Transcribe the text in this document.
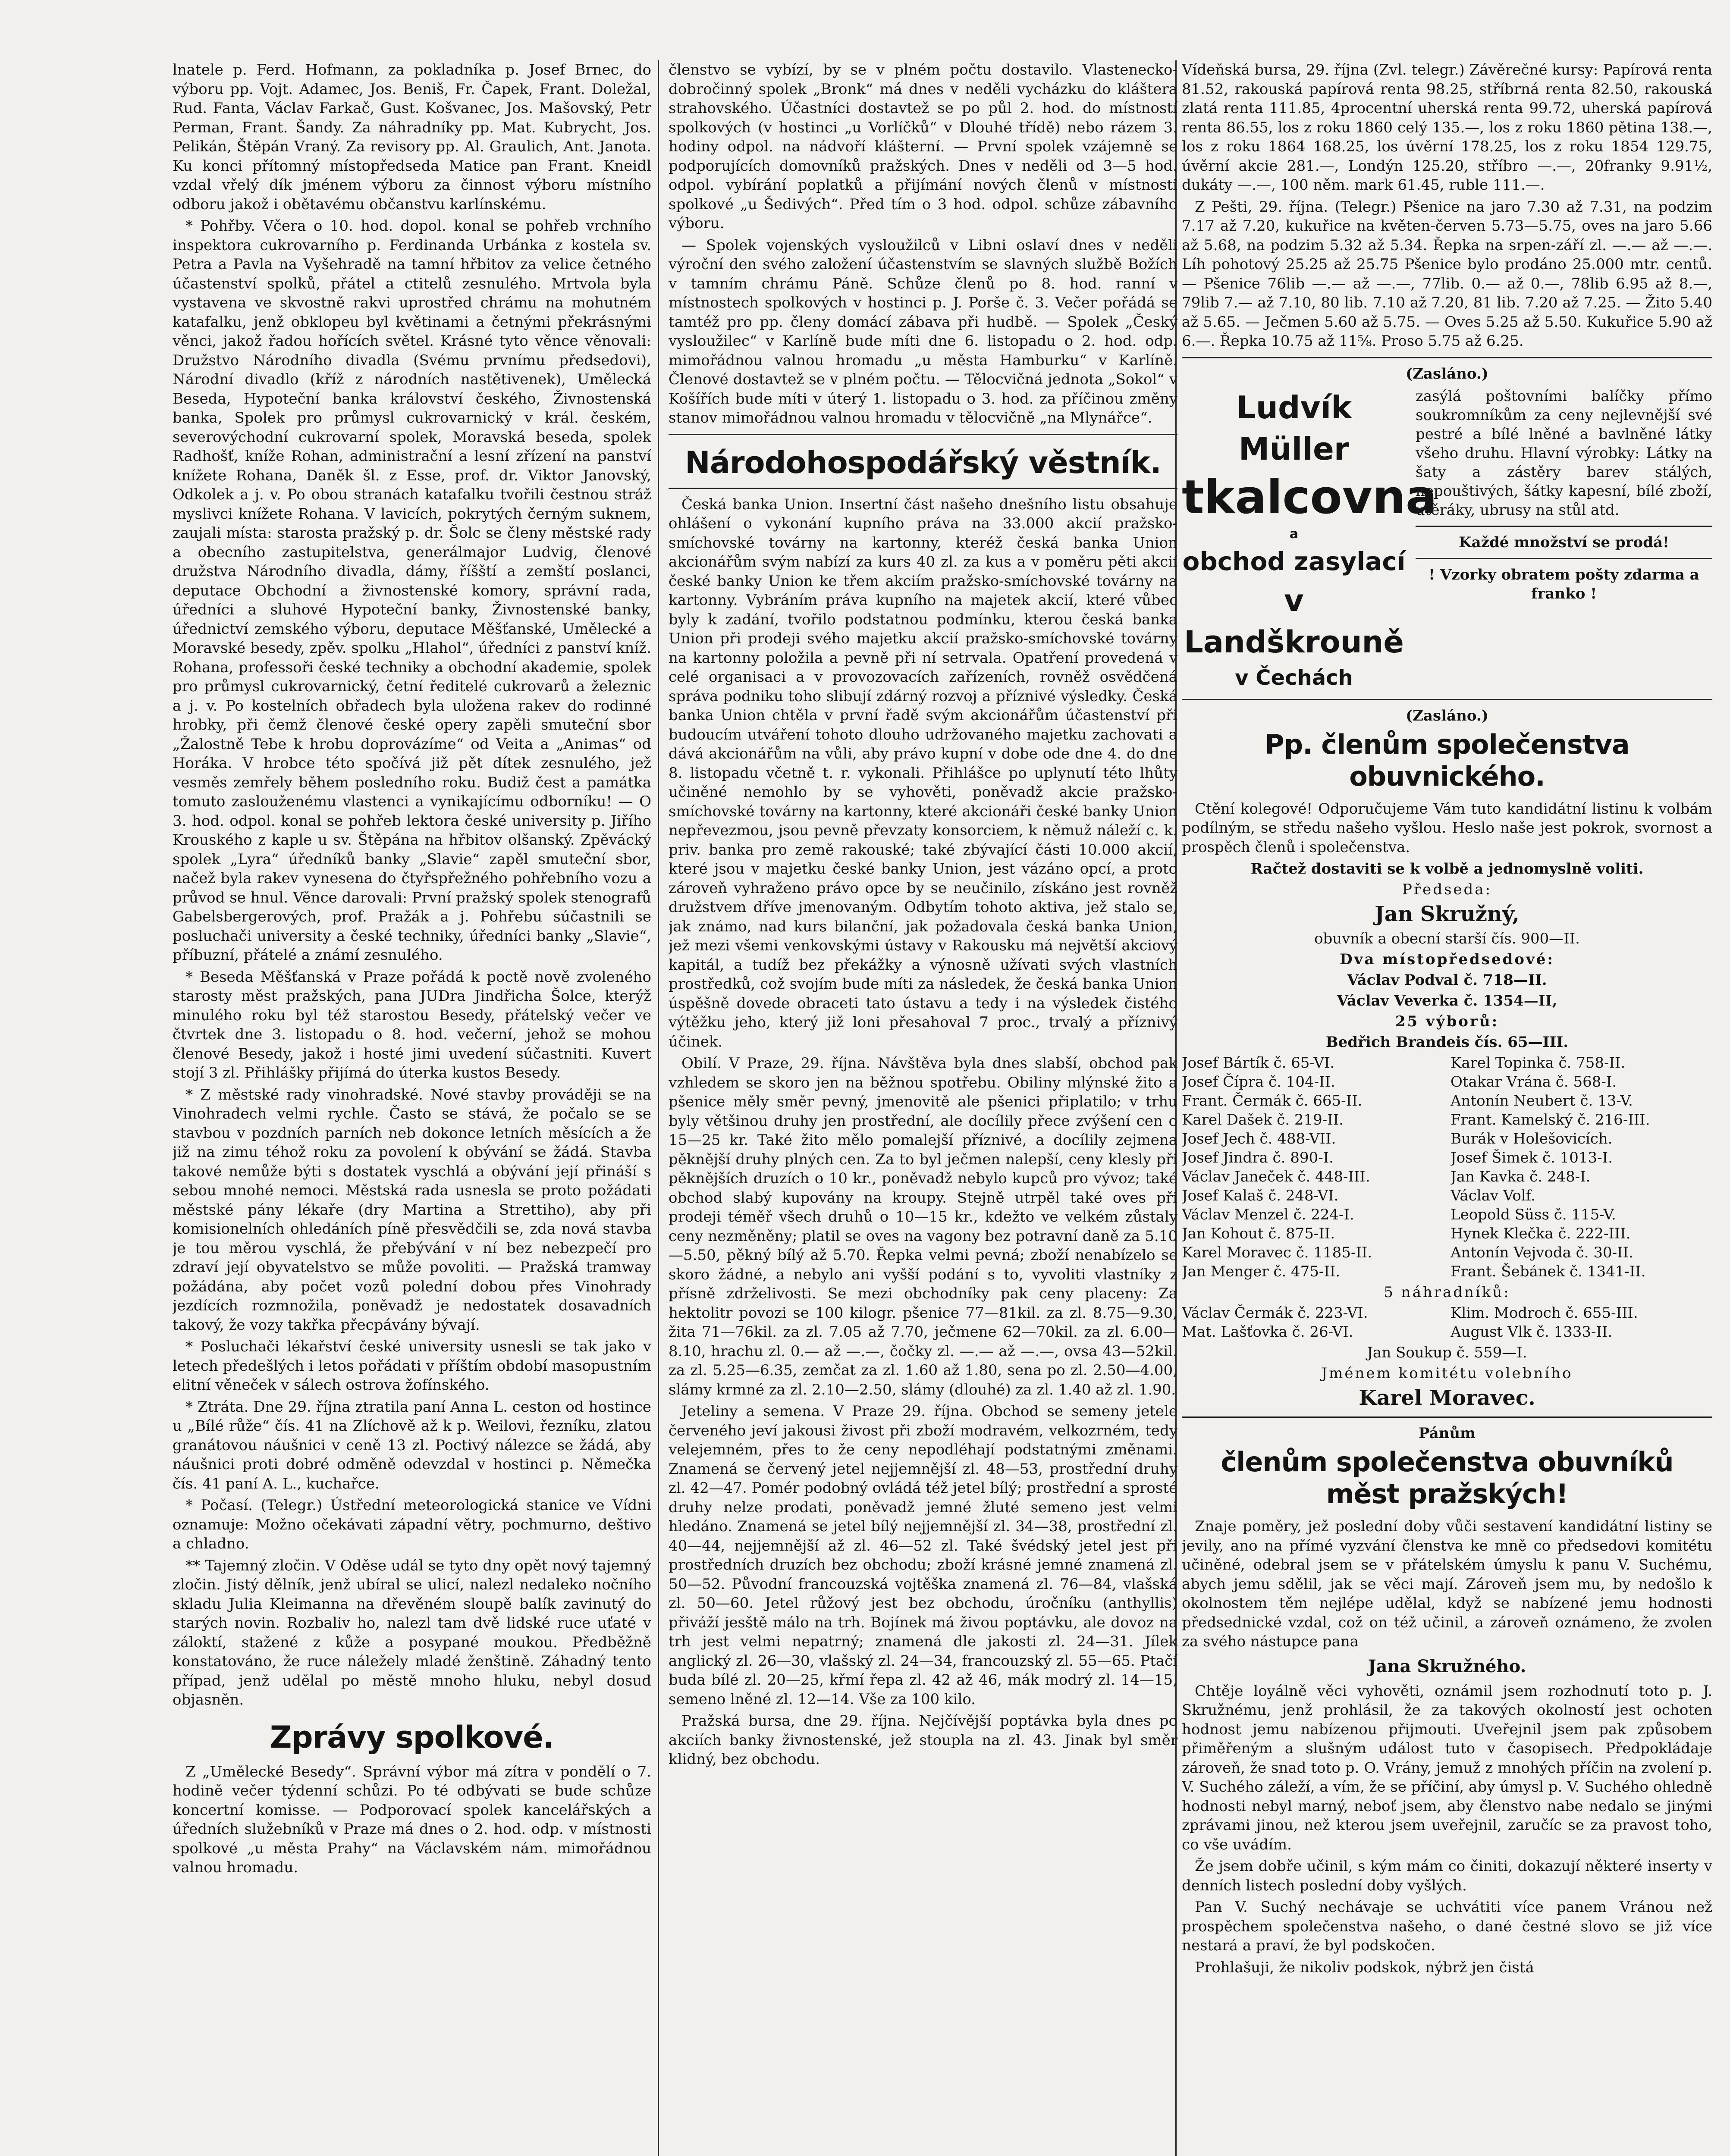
lnatele p. Ferd. Hofmann, za pokladníka p. Josef Brnec, do výboru pp. Vojt. Adamec, Jos. Beniš, Fr. Čapek, Frant. Doležal, Rud. Fanta, Václav Farkač, Gust. Košvanec, Jos. Mašovský, Petr Perman, Frant. Šandy. Za náhradníky pp. Mat. Kubrycht, Jos. Pelikán, Štěpán Vraný. Za revisory pp. Al. Graulich, Ant. Janota. Ku konci přítomný místopředseda Matice pan Frant. Kneidl vzdal vřelý dík jménem výboru za činnost výboru místního odboru jakož i obětavému občanstvu karlínskému.

* Pohřby. Včera o 10. hod. dopol. konal se pohřeb vrchního inspektora cukrovarního p. Ferdinanda Urbánka z kostela sv. Petra a Pavla na Vyšehradě na tamní hřbitov za velice četného účastenství spolků, přátel a ctitelů zesnulého. Mrtvola byla vystavena ve skvostně rakvi uprostřed chrámu na mohutném katafalku, jenž obklopeu byl květinami a četnými překrásnými věnci, jakož řadou hořících světel. Krásné tyto věnce věnovali: Družstvo Národního divadla (Svému prvnímu předsedovi), Národní divadlo (kříž z národních nastětivenek), Umělecká Beseda, Hypoteční banka království českého, Živnostenská banka, Spolek pro průmysl cukrovarnický v král. českém, severovýchodní cukrovarní spolek, Moravská beseda, spolek Radhošť, kníže Rohan, administrační a lesní zřízení na panství knížete Rohana, Daněk šl. z Esse, prof. dr. Viktor Janovský, Odkolek a j. v. Po obou stranách katafalku tvořili čestnou stráž myslivci knížete Rohana. V lavicích, pokrytých černým suknem, zaujali místa: starosta pražský p. dr. Šolc se členy městské rady a obecního zastupitelstva, generálmajor Ludvig, členové družstva Národního divadla, dámy, říšští a zemští poslanci, deputace Obchodní a živnostenské komory, správní rada, úředníci a sluhové Hypoteční banky, Živnostenské banky, úřednictví zemského výboru, deputace Měšťanské, Umělecké a Moravské besedy, zpěv. spolku „Hlahol“, úředníci z panství kníž. Rohana, professoři české techniky a obchodní akademie, spolek pro průmysl cukrovarnický, četní ředitelé cukrovarů a železnic a j. v. Po kostelních obřadech byla uložena rakev do rodinné hrobky, při čemž členové české opery zapěli smuteční sbor „Žalostně Tebe k hrobu doprovázíme“ od Veita a „Animas“ od Horáka. V hrobce této spočívá již pět dítek zesnulého, jež vesměs zemřely během posledního roku. Budiž čest a památka tomuto zaslouženému vlastenci a vynikajícímu odborníku! — O 3. hod. odpol. konal se pohřeb lektora české university p. Jiřího Krouského z kaple u sv. Štěpána na hřbitov olšanský. Zpěvácký spolek „Lyra“ úředníků banky „Slavie“ zapěl smuteční sbor, načež byla rakev vynesena do čtyřspřežného pohřebního vozu a průvod se hnul. Věnce darovali: První pražský spolek stenografů Gabelsbergerových, prof. Pražák a j. Pohřebu súčastnili se posluchači university a české techniky, úředníci banky „Slavie“, příbuzní, přátelé a známí zesnulého.

* Beseda Měšťanská v Praze pořádá k poctě nově zvoleného starosty měst pražských, pana JUDra Jindřicha Šolce, kterýž minulého roku byl též starostou Besedy, přátelský večer ve čtvrtek dne 3. listopadu o 8. hod. večerní, jehož se mohou členové Besedy, jakož i hosté jimi uvedení súčastniti. Kuvert stojí 3 zl. Přihlášky přijímá do úterka kustos Besedy.

* Z městské rady vinohradské. Nové stavby prováději se na Vinohradech velmi rychle. Často se stává, že počalo se se stavbou v pozdních parních neb dokonce letních měsících a že již na zimu téhož roku za povolení k obývání se žádá. Stavba takové nemůže býti s dostatek vyschlá a obývání její přináší s sebou mnohé nemoci. Městská rada usnesla se proto požádati městské pány lékaře (dry Martina a Strettiho), aby při komisionelních ohledáních píně přesvědčili se, zda nová stavba je tou měrou vyschlá, že přebývání v ní bez nebezpečí pro zdraví její obyvatelstvo se může povoliti. — Pražská tramway požádána, aby počet vozů polední dobou přes Vinohrady jezdících rozmnožila, poněvadž je nedostatek dosavadních takový, že vozy takřka přecpávány bývají.

* Posluchači lékařství české university usnesli se tak jako v letech předešlých i letos pořádati v příštím období masopustním elitní věneček v sálech ostrova žofínského.

* Ztráta. Dne 29. října ztratila paní Anna L. ceston od hostince u „Bílé růže“ čís. 41 na Zlíchově až k p. Weilovi, řezníku, zlatou granátovou náušnici v ceně 13 zl. Poctivý nálezce se žádá, aby náušnici proti dobré odměně odevzdal v hostinci p. Němečka čís. 41 paní A. L., kuchařce.

* Počasí. (Telegr.) Ústřední meteorologická stanice ve Vídni oznamuje: Možno očekávati západní větry, pochmurno, deštivo a chladno.

** Tajemný zločin. V Oděse udál se tyto dny opět nový tajemný zločin. Jistý dělník, jenž ubíral se ulicí, nalezl nedaleko nočního skladu Julia Kleimanna na dřevěném sloupě balík zavinutý do starých novin. Rozbaliv ho, nalezl tam dvě lidské ruce uťaté v záloktí, stažené z kůže a posypané moukou. Předběžně konstatováno, že ruce náležely mladé ženštině. Záhadný tento případ, jenž udělal po městě mnoho hluku, nebyl dosud objasněn.

Zprávy spolkové.

Z „Umělecké Besedy“. Správní výbor má zítra v pondělí o 7. hodině večer týdenní schůzi. Po té odbývati se bude schůze koncertní komisse. — Podporovací spolek kancelářských a úředních služebníků v Praze má dnes o 2. hod. odp. v místnosti spolkové „u města Prahy“ na Václavském nám. mimořádnou valnou hromadu.

členstvo se vybízí, by se v plném počtu dostavilo. Vlastenecko-dobročinný spolek „Bronk“ má dnes v neděli vycházku do kláštera strahovského. Účastníci dostavtež se po půl 2. hod. do místností spolkových (v hostinci „u Vorlíčků“ v Dlouhé třídě) nebo rázem 3. hodiny odpol. na nádvoří klášterní. — První spolek vzájemně se podporujících domovníků pražských. Dnes v neděli od 3—5 hod. odpol. vybírání poplatků a přijímání nových členů v místnosti spolkové „u Šedivých“. Před tím o 3 hod. odpol. schůze zábavního výboru.

— Spolek vojenských vysloužilců v Libni oslaví dnes v neděli výroční den svého založení účastenstvím se slavných službě Božích v tamním chrámu Páně. Schůze členů po 8. hod. ranní v místnostech spolkových v hostinci p. J. Porše č. 3. Večer pořádá se tamtéž pro pp. členy domácí zábava při hudbě. — Spolek „Český vysloužilec“ v Karlíně bude míti dne 6. listopadu o 2. hod. odp. mimořádnou valnou hromadu „u města Hamburku“ v Karlíně. Členové dostavtež se v plném počtu. — Tělocvičná jednota „Sokol“ v Košířích bude míti v úterý 1. listopadu o 3. hod. za příčinou změny stanov mimořádnou valnou hromadu v tělocvičně „na Mlynářce“.

Národohospodářský věstník.

Česká banka Union. Insertní část našeho dnešního listu obsahuje ohlášení o vykonání kupního práva na 33.000 akcií pražsko-smíchovské továrny na kartonny, kteréž česká banka Union akcionářům svým nabízí za kurs 40 zl. za kus a v poměru pěti akcií české banky Union ke třem akciím pražsko-smíchovské továrny na kartonny. Vybráním práva kupního na majetek akcií, které vůbec byly k zadání, tvořilo podstatnou podmínku, kterou česká banka Union při prodeji svého majetku akcií pražsko-smíchovské továrny na kartonny položila a pevně při ní setrvala. Opatření provedená v celé organisaci a v provozovacích zařízeních, rovněž osvědčená správa podniku toho slibují zdárný rozvoj a příznivé výsledky. Česká banka Union chtěla v první řadě svým akcionářům účastenství při budoucím utváření tohoto dlouho udržovaného majetku zachovati a dává akcionářům na vůli, aby právo kupní v dobe ode dne 4. do dne 8. listopadu včetně t. r. vykonali. Přihlášce po uplynutí této lhůty učiněné nemohlo by se vyhověti, poněvadž akcie pražsko-smíchovské továrny na kartonny, které akcionáři české banky Union nepřevezmou, jsou pevně převzaty konsorciem, k němuž náleží c. k. priv. banka pro země rakouské; také zbývající části 10.000 akcií, které jsou v majetku české banky Union, jest vázáno opcí, a proto zároveň vyhraženo právo opce by se neučinilo, získáno jest rovněž družstvem dříve jmenovaným. Odbytím tohoto aktiva, jež stalo se, jak známo, nad kurs bilanční, jak požadovala česká banka Union, jež mezi všemi venkovskými ústavy v Rakousku má největší akciový kapitál, a tudíž bez překážky a výnosně užívati svých vlastních prostředků, což svojím bude míti za následek, že česká banka Union úspěšně dovede obraceti tato ústavu a tedy i na výsledek čistého výtěžku jeho, který již loni přesahoval 7 proc., trvalý a příznivý účinek.

Obilí. V Praze, 29. října. Návštěva byla dnes slabší, obchod pak vzhledem se skoro jen na běžnou spotřebu. Obiliny mlýnské žito a pšenice měly směr pevný, jmenovitě ale pšenici připlatilo; v trhu byly většinou druhy jen prostřední, ale docílily přece zvýšení cen o 15—25 kr. Také žito mělo pomalejší příznivé, a docílily zejmena pěknější druhy plných cen. Za to byl ječmen nalepší, ceny klesly při pěknějších druzích o 10 kr., poněvadž nebylo kupců pro vývoz; také obchod slabý kupovány na kroupy. Stejně utrpěl také oves při prodeji téměř všech druhů o 10—15 kr., kdežto ve velkém zůstaly ceny nezměněny; platil se oves na vagony bez potravní daně za 5.10—5.50, pěkný bílý až 5.70. Řepka velmi pevná; zboží nenabízelo se skoro žádné, a nebylo ani vyšší podání s to, vyvoliti vlastníky z přísně zdrželivosti. Se mezi obchodníky pak ceny placeny: Za hektolitr povozi se 100 kilogr. pšenice 77—81kil. za zl. 8.75—9.30, žita 71—76kil. za zl. 7.05 až 7.70, ječmene 62—70kil. za zl. 6.00—8.10, hrachu zl. 0.— až —.—, čočky zl. —.— až —.—, ovsa 43—52kil. za zl. 5.25—6.35, zemčat za zl. 1.60 až 1.80, sena po zl. 2.50—4.00, slámy krmné za zl. 2.10—2.50, slámy (dlouhé) za zl. 1.40 až zl. 1.90.

Jeteliny a semena. V Praze 29. října. Obchod se semeny jetele červeného jeví jakousi živost při zboží modravém, velkozrném, tedy velejemném, přes to že ceny nepodléhají podstatnými změnami. Znamená se červený jetel nejjemnější zl. 48—53, prostřední druhy zl. 42—47. Pomér podobný ovládá též jetel bílý; prostřední a sprosté druhy nelze prodati, poněvadž jemné žluté semeno jest velmi hledáno. Znamená se jetel bílý nejjemnější zl. 34—38, prostřední zl. 40—44, nejjemnější až zl. 46—52 zl. Také švédský jetel jest při prostředních druzích bez obchodu; zboží krásné jemné znamená zl. 50—52. Původní francouzská vojtěška znamená zl. 76—84, vlašská zl. 50—60. Jetel růžový jest bez obchodu, úročníku (anthyllis) přiváží jesště málo na trh. Bojínek má živou poptávku, ale dovoz na trh jest velmi nepatrný; znamená dle jakosti zl. 24—31. Jílek anglický zl. 26—30, vlašský zl. 24—34, francouzský zl. 55—65. Ptačí buda bílé zl. 20—25, křmí řepa zl. 42 až 46, mák modrý zl. 14—15, semeno lněné zl. 12—14. Vše za 100 kilo.

Pražská bursa, dne 29. října. Nejčívější poptávka byla dnes po akciích banky živnostenské, jež stoupla na zl. 43. Jinak byl směr klidný, bez obchodu.

Vídeňská bursa, 29. října (Zvl. telegr.) Závěrečné kursy: Papírová renta 81.52, rakouská papírová renta 98.25, stříbrná renta 82.50, rakouská zlatá renta 111.85, 4procentní uherská renta 99.72, uherská papírová renta 86.55, los z roku 1860 celý 135.—, los z roku 1860 pětina 138.—, los z roku 1864 168.25, los úvěrní 178.25, los z roku 1854 129.75, úvěrní akcie 281.—, Londýn 125.20, stříbro —.—, 20franky 9.91½, dukáty —.—, 100 něm. mark 61.45, ruble 111.—.

Z Pešti, 29. října. (Telegr.) Pšenice na jaro 7.30 až 7.31, na podzim 7.17 až 7.20, kukuřice na květen-červen 5.73—5.75, oves na jaro 5.66 až 5.68, na podzim 5.32 až 5.34. Řepka na srpen-září zl. —.— až —.—. Líh pohotový 25.25 až 25.75 Pšenice bylo prodáno 25.000 mtr. centů. — Pšenice 76lib —.— až —.—, 77lib. 0.— až 0.—, 78lib 6.95 až 8.—, 79lib 7.— až 7.10, 80 lib. 7.10 až 7.20, 81 lib. 7.20 až 7.25. — Žito 5.40 až 5.65. — Ječmen 5.60 až 5.75. — Oves 5.25 až 5.50. Kukuřice 5.90 až 6.—. Řepka 10.75 až 11⅝. Proso 5.75 až 6.25.

(Zasláno.)
Ludvík Müller
tkalcovna
a
obchod zasylací
v Landškrouně
v Čechách
zasýlá poštovními balíčky přímo soukromníkům za ceny nejlevnější své pestré a bílé lněné a bavlněné látky všeho druhu. Hlavní výrobky: Látky na šaty a zástěry barev stálých, nepouštivých, šátky kapesní, bílé zboží, utěráky, ubrusy na stůl atd.
Každé množství se prodá!
! Vzorky obratem pošty zdarma a franko !
(Zasláno.)
Pp. členům společenstva obuvnického.

Ctění kolegové! Odporučujeme Vám tuto kandidátní listinu k volbám podílným, se středu našeho vyšlou. Heslo naše jest pokrok, svornost a prospěch členů i společenstva.

Račtež dostaviti se k volbě a jednomyslně voliti.
Předseda:
Jan Skružný,
obuvník a obecní starší čís. 900—II.
Dva místopředsedové:
Václav Podval č. 718—II.
Václav Veverka č. 1354—II,
25 výborů:
Bedřich Brandeis čís. 65—III.
Josef Bártík č. 65-VI.	Karel Topinka č. 758-II.
Josef Čípra č. 104-II.	Otakar Vrána č. 568-I.
Frant. Čermák č. 665-II.	Antonín Neubert č. 13-V.
Karel Dašek č. 219-II.	Frant. Kamelský č. 216-III.
Josef Jech č. 488-VII.	Burák v Holešovicích.
Josef Jindra č. 890-I.	Josef Šimek č. 1013-I.
Václav Janeček č. 448-III.	Jan Kavka č. 248-I.
Josef Kalaš č. 248-VI.	Václav Volf.
Václav Menzel č. 224-I.	Leopold Süss č. 115-V.
Jan Kohout č. 875-II.	Hynek Klečka č. 222-III.
Karel Moravec č. 1185-II.	Antonín Vejvoda č. 30-II.
Jan Menger č. 475-II.	Frant. Šebánek č. 1341-II.
5 náhradníků:
Václav Čermák č. 223-VI.	Klim. Modroch č. 655-III.
Mat. Lašťovka č. 26-VI.	August Vlk č. 1333-II.
Jan Soukup č. 559—I.
Jménem komitétu volebního
Karel Moravec.
Pánům
členům společenstva obuvníků měst pražských!

Znaje poměry, jež poslední doby vůči sestavení kandidátní listiny se jevily, ano na přímé vyzvání členstva ke mně co předsedovi komitétu učiněné, odebral jsem se v přátelském úmyslu k panu V. Suchému, abych jemu sdělil, jak se věci mají. Zároveň jsem mu, by nedošlo k okolnostem těm nejlépe udělal, když se nabízené jemu hodnosti předsednické vzdal, což on též učinil, a zároveň oznámeno, že zvolen za svého nástupce pana

Jana Skružného.

Chtěje loyálně věci vyhověti, oznámil jsem rozhodnutí toto p. J. Skružnému, jenž prohlásil, že za takových okolností jest ochoten hodnost jemu nabízenou přijmouti. Uveřejnil jsem pak způsobem přiměřeným a slušným událost tuto v časopisech. Předpokládaje zároveň, že snad toto p. O. Vrány, jemuž z mnohých příčin na zvolení p. V. Suchého záleží, a vím, že se příčiní, aby úmysl p. V. Suchého ohledně hodnosti nebyl marný, neboť jsem, aby členstvo nabe nedalo se jinými zprávami jinou, než kterou jsem uveřejnil, zaručíc se za pravost toho, co vše uvádím.

Že jsem dobře učinil, s kým mám co činiti, dokazují některé inserty v denních listech poslední doby vyšlých.

Pan V. Suchý nechávaje se uchvátiti více panem Vránou než prospěchem společenstva našeho, o dané čestné slovo se již více nestará a praví, že byl podskočen.

Prohlašuji, že nikoliv podskok, nýbrž jen čistá
